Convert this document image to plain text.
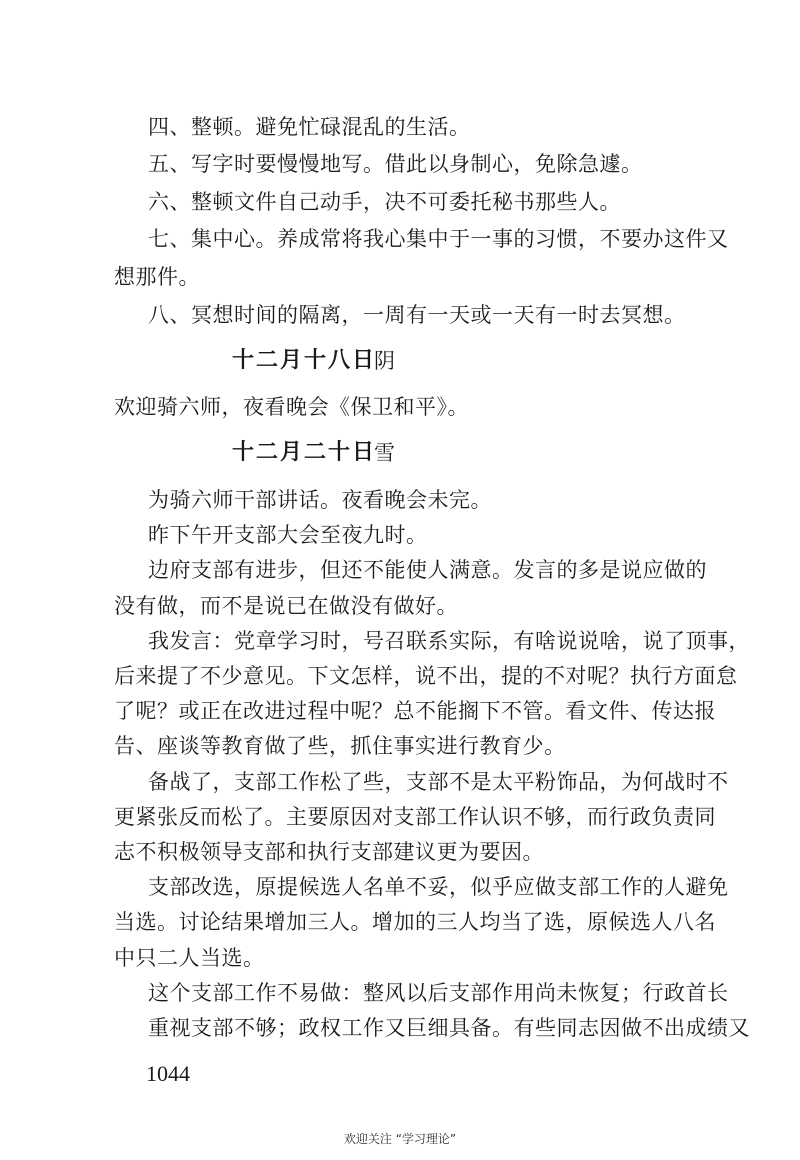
四、整顿。避免忙碌混乱的生活。
五、写字时要慢慢地写。借此以身制心，免除急遽。
六、整顿文件自己动手，决不可委托秘书那些人。
七、集中心。养成常将我心集中于一事的习惯，不要办这件又
想那件。
八、冥想时间的隔离，一周有一天或一天有一时去冥想。
十二月十八日
阴
欢迎骑六师，夜看晚会《保卫和平》。
十二月二十日
雪
为骑六师干部讲话。夜看晚会未完。
昨下午开支部大会至夜九时。
边府支部有进步，但还不能使人满意。发言的多是说应做的
没有做，而不是说已在做没有做好。
我发言：党章学习时，号召联系实际，有啥说说啥，说了顶事，
后来提了不少意见。下文怎样，说不出，提的不对呢？执行方面怠
了呢？或正在改进过程中呢？总不能搁下不管。看文件、传达报
告、座谈等教育做了些，抓住事实进行教育少。
备战了，支部工作松了些，支部不是太平粉饰品，为何战时不
更紧张反而松了。主要原因对支部工作认识不够，而行政负责同
志不积极领导支部和执行支部建议更为要因。
支部改选，原提候选人名单不妥，似乎应做支部工作的人避免
当选。讨论结果增加三人。增加的三人均当了选，原候选人八名
中只二人当选。
这个支部工作不易做：整风以后支部作用尚未恢复；行政首长
重视支部不够；政权工作又巨细具备。有些同志因做不出成绩又
1044
欢迎关注 “学习理论”
